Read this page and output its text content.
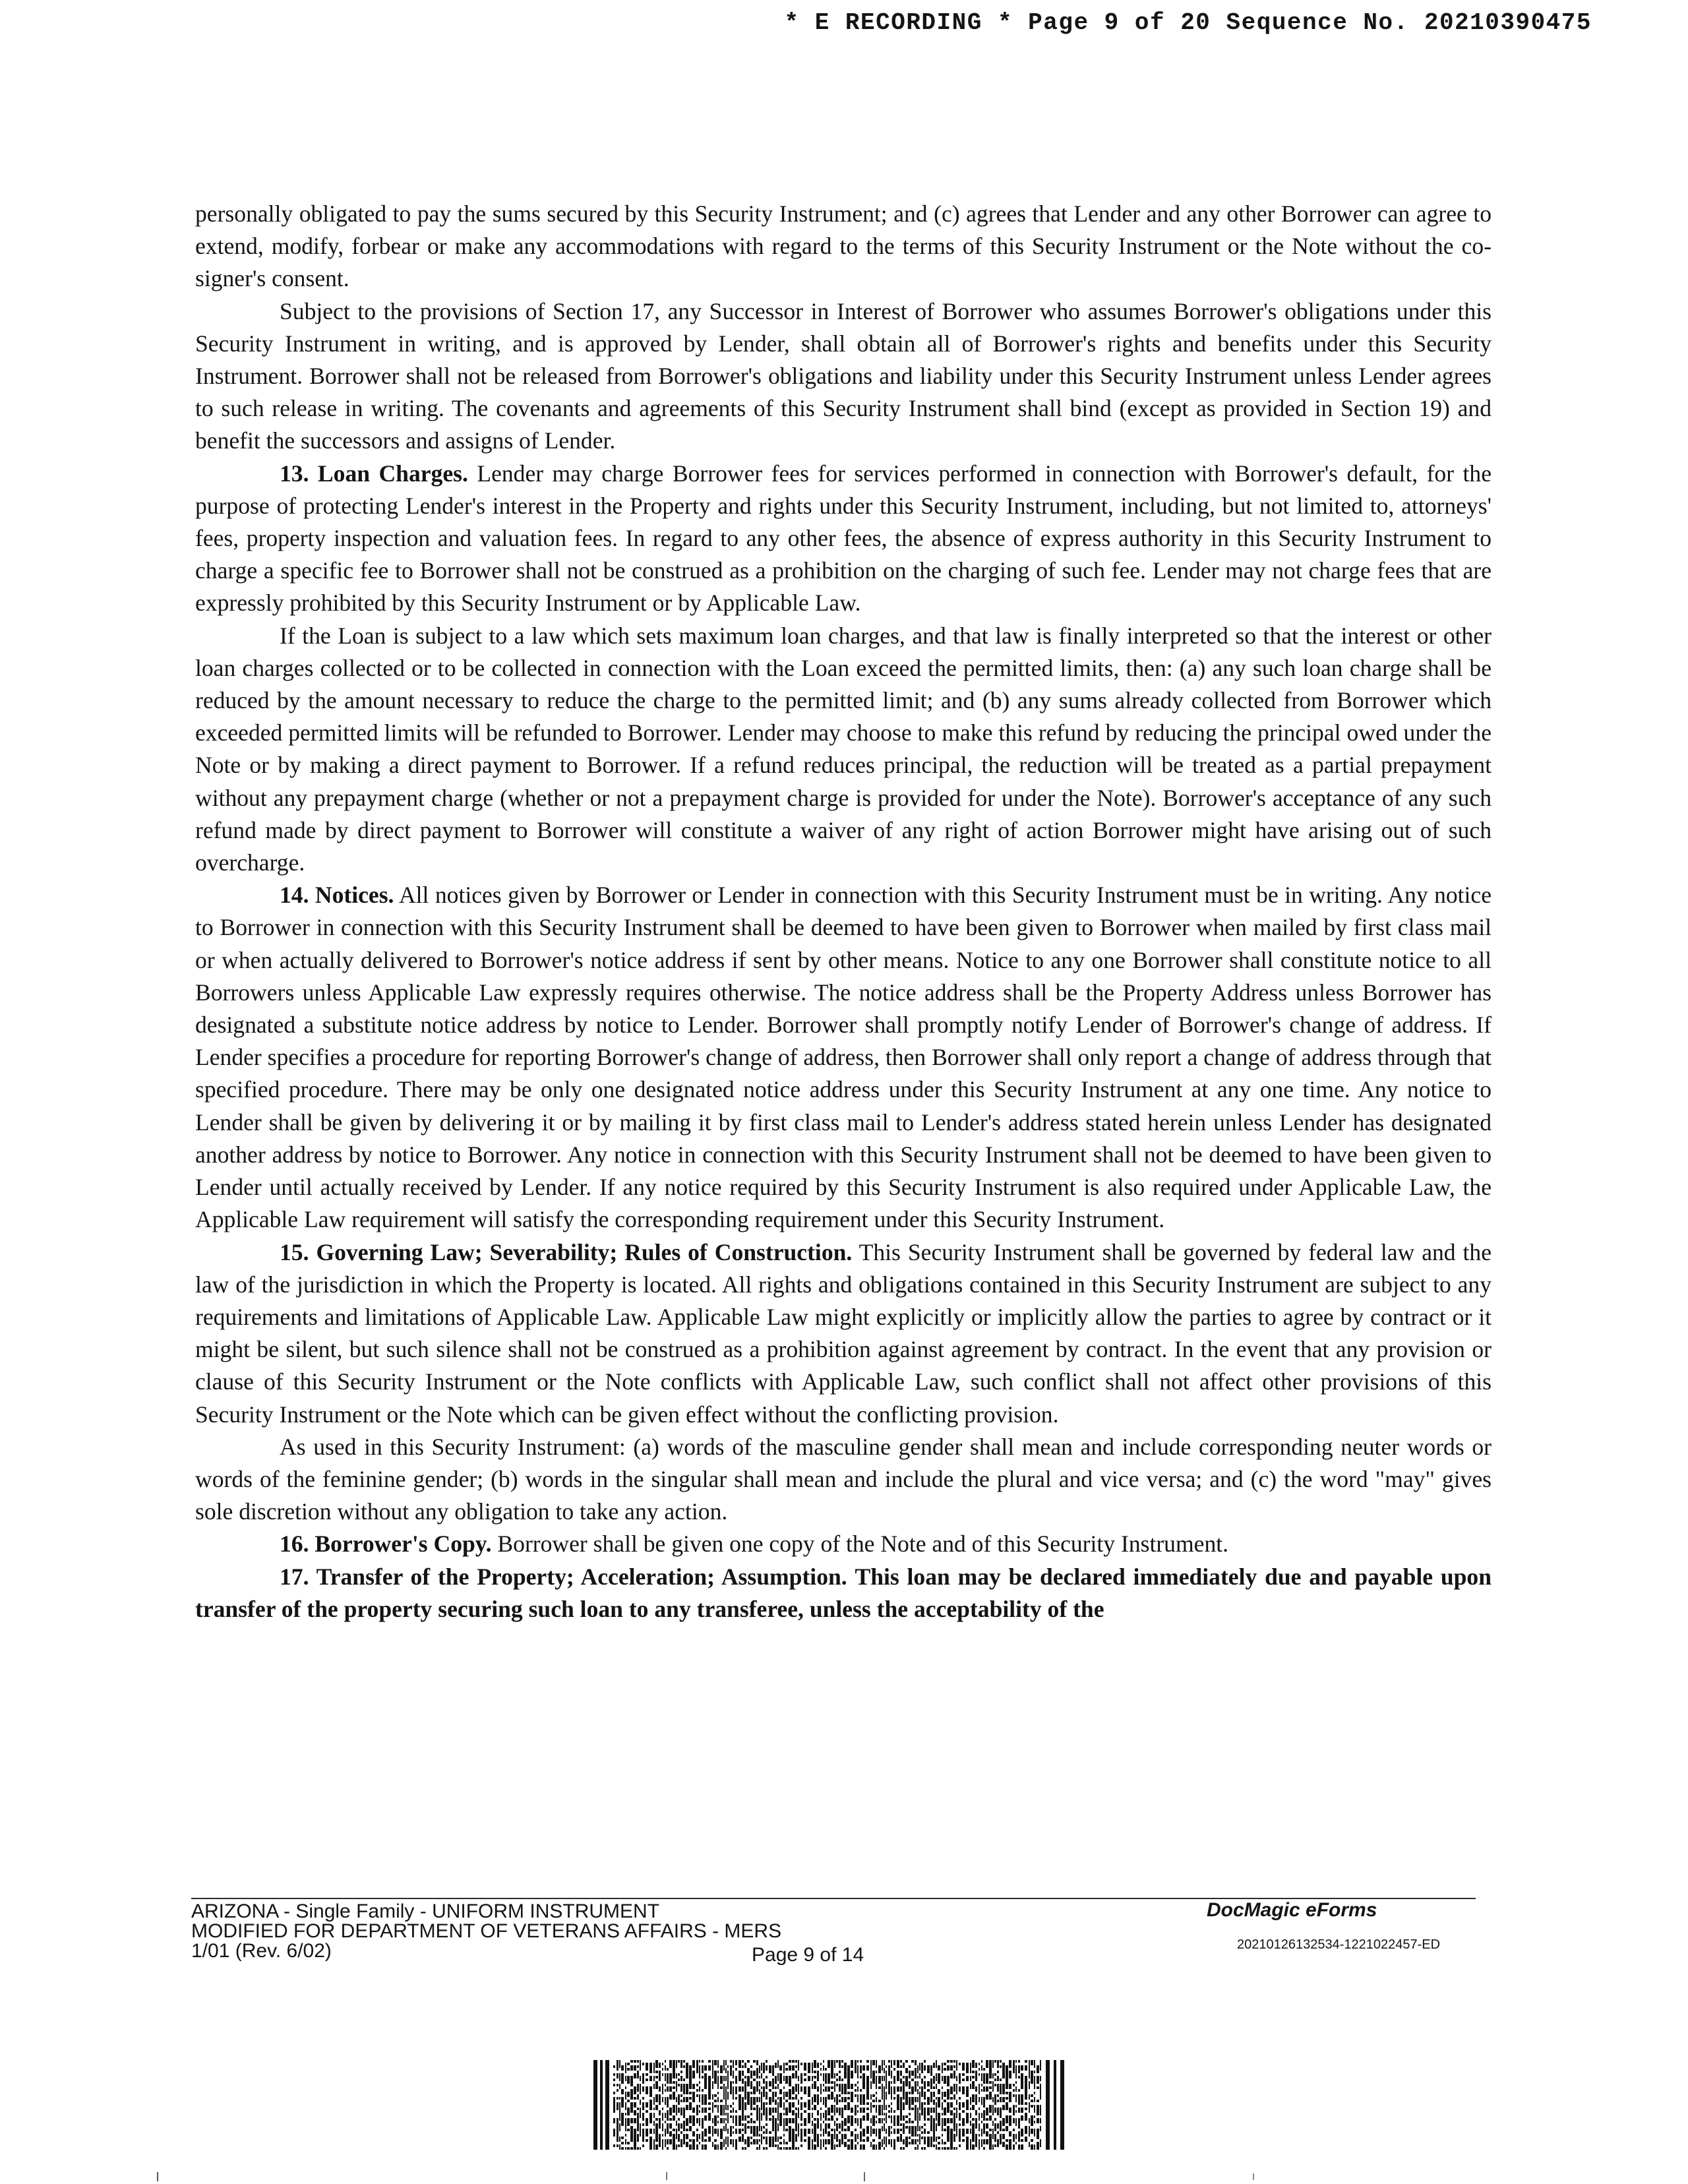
* E RECORDING * Page 9 of 20 Sequence No. 20210390475

personally obligated to pay the sums secured by this Security Instrument; and (c) agrees that Lender and any other Borrower can agree to extend, modify, forbear or make any accommodations with regard to the terms of this Security Instrument or the Note without the co-signer's consent.

Subject to the provisions of Section 17, any Successor in Interest of Borrower who assumes Borrower's obligations under this Security Instrument in writing, and is approved by Lender, shall obtain all of Borrower's rights and benefits under this Security Instrument. Borrower shall not be released from Borrower's obligations and liability under this Security Instrument unless Lender agrees to such release in writing. The covenants and agreements of this Security Instrument shall bind (except as provided in Section 19) and benefit the successors and assigns of Lender.

13. Loan Charges. Lender may charge Borrower fees for services performed in connection with Borrower's default, for the purpose of protecting Lender's interest in the Property and rights under this Security Instrument, including, but not limited to, attorneys' fees, property inspection and valuation fees. In regard to any other fees, the absence of express authority in this Security Instrument to charge a specific fee to Borrower shall not be construed as a prohibition on the charging of such fee. Lender may not charge fees that are expressly prohibited by this Security Instrument or by Applicable Law.

If the Loan is subject to a law which sets maximum loan charges, and that law is finally interpreted so that the interest or other loan charges collected or to be collected in connection with the Loan exceed the permitted limits, then: (a) any such loan charge shall be reduced by the amount necessary to reduce the charge to the permitted limit; and (b) any sums already collected from Borrower which exceeded permitted limits will be refunded to Borrower. Lender may choose to make this refund by reducing the principal owed under the Note or by making a direct payment to Borrower. If a refund reduces principal, the reduction will be treated as a partial prepayment without any prepayment charge (whether or not a prepayment charge is provided for under the Note). Borrower's acceptance of any such refund made by direct payment to Borrower will constitute a waiver of any right of action Borrower might have arising out of such overcharge.

14. Notices. All notices given by Borrower or Lender in connection with this Security Instrument must be in writing. Any notice to Borrower in connection with this Security Instrument shall be deemed to have been given to Borrower when mailed by first class mail or when actually delivered to Borrower's notice address if sent by other means. Notice to any one Borrower shall constitute notice to all Borrowers unless Applicable Law expressly requires otherwise. The notice address shall be the Property Address unless Borrower has designated a substitute notice address by notice to Lender. Borrower shall promptly notify Lender of Borrower's change of address. If Lender specifies a procedure for reporting Borrower's change of address, then Borrower shall only report a change of address through that specified procedure. There may be only one designated notice address under this Security Instrument at any one time. Any notice to Lender shall be given by delivering it or by mailing it by first class mail to Lender's address stated herein unless Lender has designated another address by notice to Borrower. Any notice in connection with this Security Instrument shall not be deemed to have been given to Lender until actually received by Lender. If any notice required by this Security Instrument is also required under Applicable Law, the Applicable Law requirement will satisfy the corresponding requirement under this Security Instrument.

15. Governing Law; Severability; Rules of Construction. This Security Instrument shall be governed by federal law and the law of the jurisdiction in which the Property is located. All rights and obligations contained in this Security Instrument are subject to any requirements and limitations of Applicable Law. Applicable Law might explicitly or implicitly allow the parties to agree by contract or it might be silent, but such silence shall not be construed as a prohibition against agreement by contract. In the event that any provision or clause of this Security Instrument or the Note conflicts with Applicable Law, such conflict shall not affect other provisions of this Security Instrument or the Note which can be given effect without the conflicting provision.

As used in this Security Instrument: (a) words of the masculine gender shall mean and include corresponding neuter words or words of the feminine gender; (b) words in the singular shall mean and include the plural and vice versa; and (c) the word "may" gives sole discretion without any obligation to take any action.

16. Borrower's Copy. Borrower shall be given one copy of the Note and of this Security Instrument.

17. Transfer of the Property; Acceleration; Assumption. This loan may be declared immediately due and payable upon transfer of the property securing such loan to any transferee, unless the acceptability of the

ARIZONA - Single Family - UNIFORM INSTRUMENT
MODIFIED FOR DEPARTMENT OF VETERANS AFFAIRS - MERS
1/01 (Rev. 6/02)	Page 9 of 14
DocMagic eForms
20210126132534-1221022457-ED
